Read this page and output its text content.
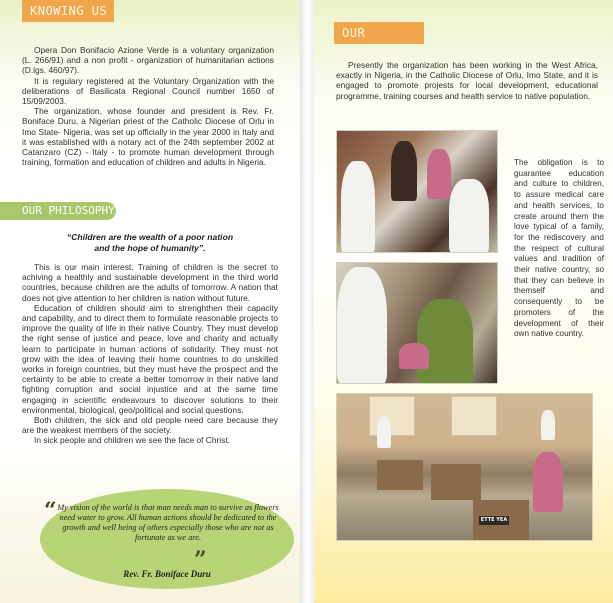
KNOWING US

Opera Don Bonifacio Azione Verde is a voluntary organization (L. 266/91) and a non profit - organization of humanitarian actions (D.lgs. 460/97).

It is regulary registered at the Voluntary Organization with the deliberations of Basilicata Regional Council number 1650 of 15/09/2003.

The organization, whose founder and president is Rev. Fr. Boniface Duru, a Nigerian priest of the Catholic Diocese of Orlu in Imo State- Nigeria, was set up officially in the year 2000 in Italy and it was established with a notary act of the 24th september 2002 at Catanzaro (CZ) - Italy - to promote human development through training, formation and education of children and adults in Nigeria.

OUR PHILOSOPHY
“Children are the wealth of a poor nation
and the hope of humanity”.

This is our main interest. Training of children is the secret to achiving a healthly and sustainable development in the third world countries, because children are the adults of tomorrow. A nation that does not give attention to her children is nation without future.

Education of children should aim to strenghthen their capacity and capability, and to direct them to formulate reasonable projects to improve the quality of life in their native Country. They must develop the right sense of justice and peace, love and charity and actually learn to participate in human actions of solidarity. They must not grow with the idea of leaving their home countries to do unskilled works in foreign countries, but they must have the prospect and the certainty to be able to create a better tomorrow in their native land fighting corruption and social injustice and at the same time engaging in scientific endeavours to discover solutions to their environmental, biological, geo/political and social questions.

Both children, the sick and old people need care because they are the weakest members of the society.

In sick people and children we see the face of Christ.

“ My vision of the world is that man needs man to survive as flowers need water to grow. All human actions should be dedicated to the growth and well being of others especially those who are not as fortunate as we are.
”
Rev. Fr. Boniface Duru
OUR MISSION

Presently the organization has been working in the West Africa, exactly in Nigeria, in the Catholic Diocese of Orlu, Imo State, and it is engaged to promote projests for local development, educational programme, training courses and health service to native population.

ETTE YEA

The obligation is to guarantee education and culture to children, to assure medical care and health services, to create around them the love typical of a family, for the rediscovery and the respect of cultural values and tradition of their native country, so that they can believe in themself and consequently to be promoters of the development of their own native country.
